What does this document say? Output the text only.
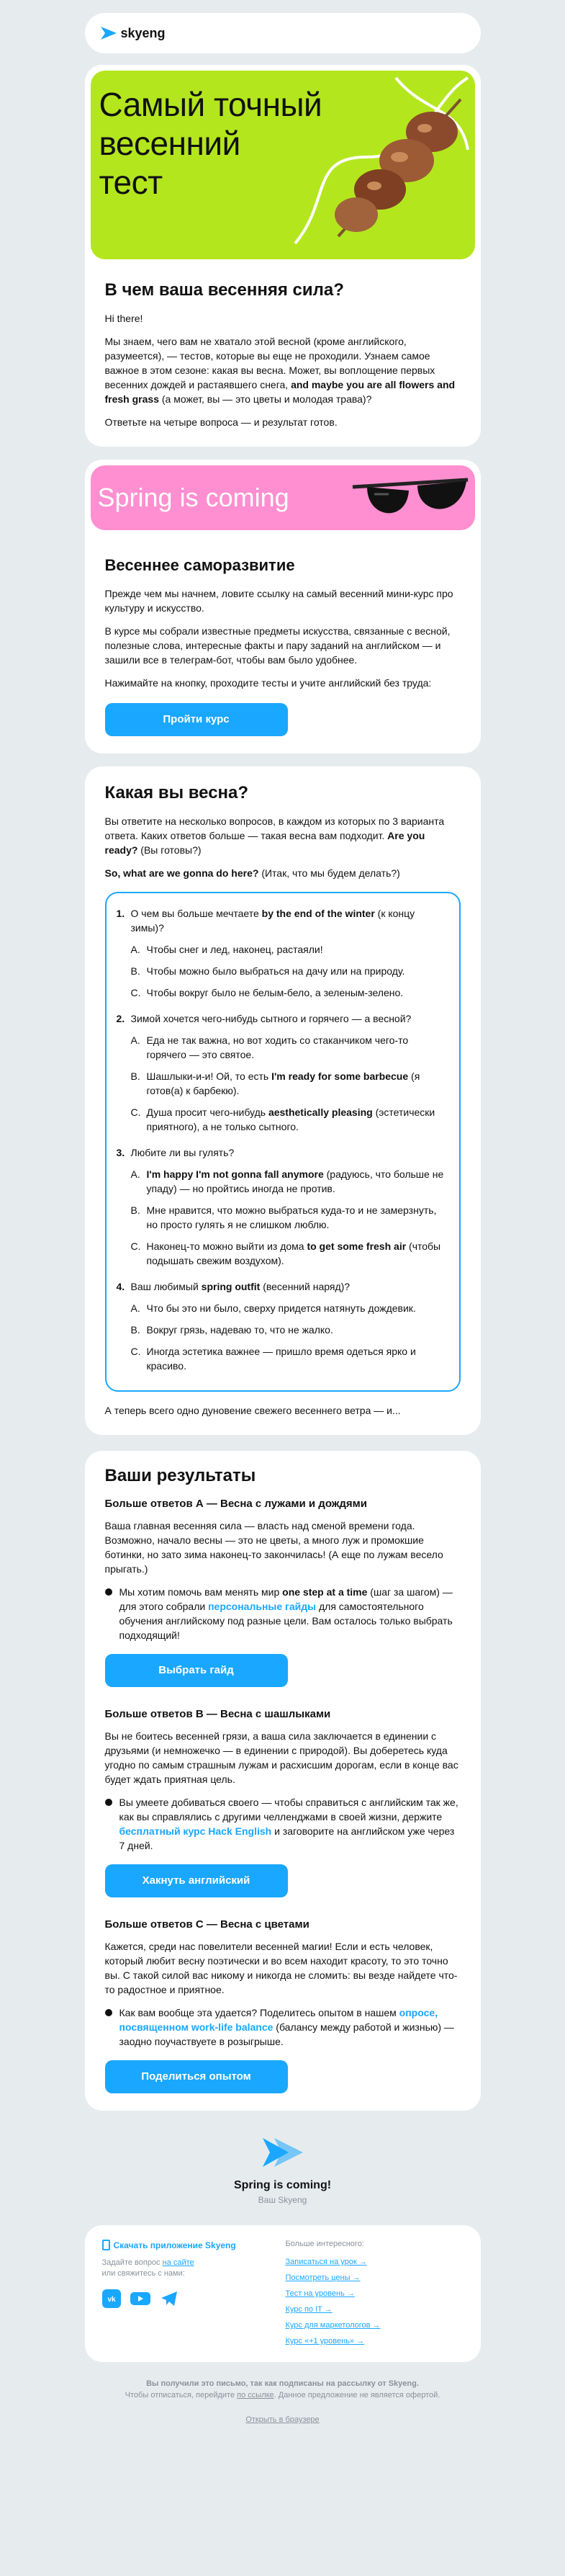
skyeng
Самый точный
весенний
тест
В чем ваша весенняя сила?

Hi there!

Мы знаем, чего вам не хватало этой весной (кроме английского, разумеется), — тестов, которые вы еще не проходили. Узнаем самое важное в этом сезоне: какая вы весна. Может, вы воплощение первых весенних дождей и растаявшего снега, and maybe you are all flowers and fresh grass (а может, вы — это цветы и молодая трава)?

Ответьте на четыре вопроса — и результат готов.

Spring is coming
Весеннее саморазвитие

Прежде чем мы начнем, ловите ссылку на самый весенний мини-курс про культуру и искусство.

В курсе мы собрали известные предметы искусства, связанные с весной, полезные слова, интересные факты и пару заданий на английском — и зашили все в телеграм-бот, чтобы вам было удобнее.

Нажимайте на кнопку, проходите тесты и учите английский без труда:

Пройти курс
Какая вы весна?

Вы ответите на несколько вопросов, в каждом из которых по 3 варианта ответа. Каких ответов больше — такая весна вам подходит. Are you ready? (Вы готовы?)

So, what are we gonna do here? (Итак, что мы будем делать?)

1. О чем вы больше мечтаете by the end of the winter (к концу зимы)?
A. Чтобы снег и лед, наконец, растаяли!
B. Чтобы можно было выбраться на дачу или на природу.
C. Чтобы вокруг было не белым-бело, а зеленым-зелено.
2. Зимой хочется чего-нибудь сытного и горячего — а весной?
A. Еда не так важна, но вот ходить со стаканчиком чего-то горячего — это святое.
B. Шашлыки-и-и! Ой, то есть I'm ready for some barbecue (я готов(а) к барбекю).
C. Душа просит чего-нибудь aesthetically pleasing (эстетически приятного), а не только сытного.
3. Любите ли вы гулять?
A. I'm happy I'm not gonna fall anymore (радуюсь, что больше не упаду) — но пройтись иногда не против.
B. Мне нравится, что можно выбраться куда-то и не замерзнуть, но просто гулять я не слишком люблю.
C. Наконец-то можно выйти из дома to get some fresh air (чтобы подышать свежим воздухом).
4. Ваш любимый spring outfit (весенний наряд)?
A. Что бы это ни было, сверху придется натянуть дождевик.
B. Вокруг грязь, надеваю то, что не жалко.
C. Иногда эстетика важнее — пришло время одеться ярко и красиво.

А теперь всего одно дуновение свежего весеннего ветра — и...

Ваши результаты
Больше ответов А — Весна с лужами и дождями

Ваша главная весенняя сила — власть над сменой времени года. Возможно, начало весны — это не цветы, а много луж и промокшие ботинки, но зато зима наконец-то закончилась! (А еще по лужам весело прыгать.)

Мы хотим помочь вам менять мир one step at a time (шаг за шагом) — для этого собрали персональные гайды для самостоятельного обучения английскому под разные цели. Вам осталось только выбрать подходящий!
Выбрать гайд
Больше ответов B — Весна с шашлыками

Вы не боитесь весенней грязи, а ваша сила заключается в единении с друзьями (и немножечко — в единении с природой). Вы доберетесь куда угодно по самым страшным лужам и расхисшим дорогам, если в конце вас будет ждать приятная цель.

Вы умеете добиваться своего — чтобы справиться с английским так же, как вы справлялись с другими челленджами в своей жизни, держите бесплатный курс Hack English и заговорите на английском уже через 7 дней.
Хакнуть английский
Больше ответов C — Весна с цветами

Кажется, среди нас повелители весенней магии! Если и есть человек, который любит весну поэтически и во всем находит красоту, то это точно вы. С такой силой вас никому и никогда не сломить: вы везде найдете что-то радостное и приятное.

Как вам вообще эта удается? Поделитесь опытом в нашем опросе, посвященном work-life balance (балансу между работой и жизнью) — заодно поучаствуете в розыгрыше.
Поделиться опытом
Spring is coming!
Ваш Skyeng
Скачать приложение Skyeng
Задайте вопрос на сайте
или свяжитесь с нами:
vk
Больше интересного:
Записаться на урок →
Посмотреть цены →
Тест на уровень →
Курс по IT →
Курс для маркетологов →
Курс «+1 уровень» →
Вы получили это письмо, так как подписаны на рассылку от Skyeng.
Чтобы отписаться, перейдите по ссылке. Данное предложение не является офертой.
Открыть в браузере
